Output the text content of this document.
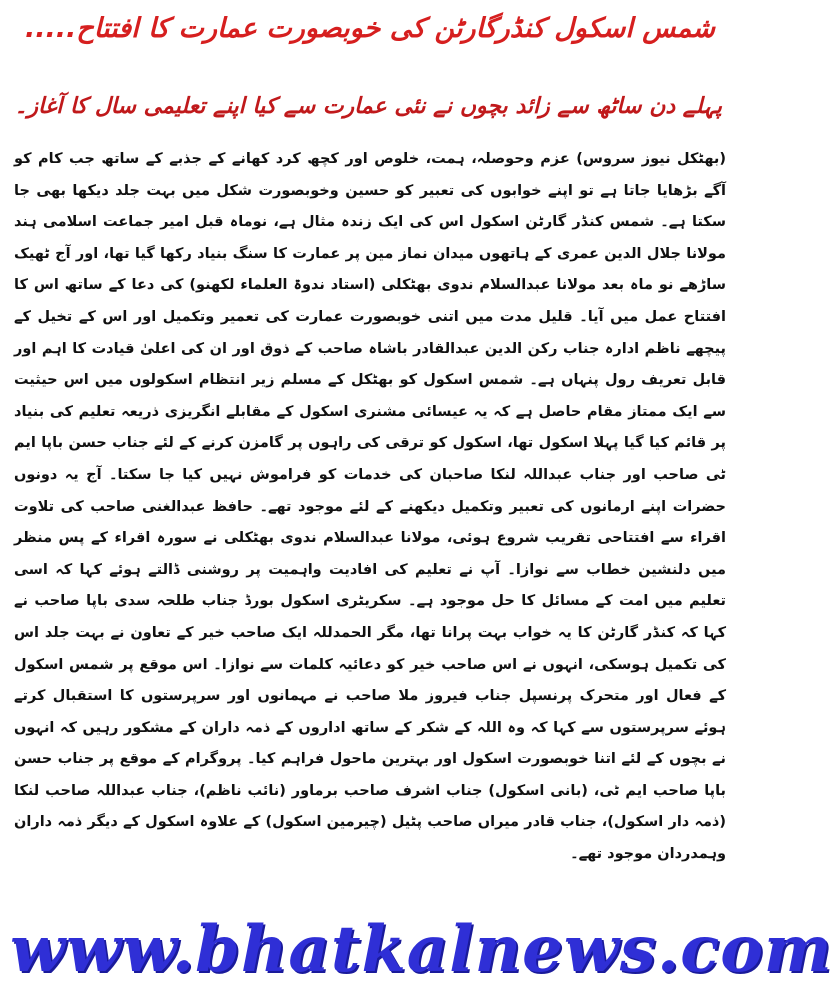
شمس اسکول کنڈرگارٹن کی خوبصورت عمارت کا افتتاح.....
پہلے دن ساٹھ سے زائد بچوں نے نئی عمارت سے کیا اپنے تعلیمی سال کا آغاز۔

(بھٹکل نیوز سروس) عزم وحوصلہ، ہمت، خلوص اور کچھ کرد کھانے کے جذبے کے ساتھ جب کام کو آگے بڑھایا جاتا ہے تو اپنے خوابوں کی تعبیر کو حسین وخوبصورت شکل میں بہت جلد دیکھا بھی جا سکتا ہے۔ شمس کنڈر گارٹن اسکول اس کی ایک زندہ مثال ہے، نوماہ قبل امیر جماعت اسلامی ہند مولانا جلال الدین عمری کے ہاتھوں میدان نماز مین پر عمارت کا سنگ بنیاد رکھا گیا تھا، اور آج ٹھیک ساڑھے نو ماہ بعد مولانا عبدالسلام ندوی بھٹکلی (استاد ندوۃ العلماء لکھنو) کی دعا کے ساتھ اس کا افتتاح عمل میں آیا۔ قلیل مدت میں اتنی خوبصورت عمارت کی تعمیر وتکمیل اور اس کے تخیل کے پیچھے ناظم ادارہ جناب رکن الدین عبدالقادر باشاہ صاحب کے ذوق اور ان کی اعلیٰ قیادت کا اہم اور قابل تعریف رول پنہاں ہے۔ شمس اسکول کو بھٹکل کے مسلم زیر انتظام اسکولوں میں اس حیثیت سے ایک ممتاز مقام حاصل ہے کہ یہ عیسائی مشنری اسکول کے مقابلے انگریزی ذریعہ تعلیم کی بنیاد پر قائم کیا گیا پہلا اسکول تھا، اسکول کو ترقی کی راہوں پر گامزن کرنے کے لئے جناب حسن باپا ایم ٹی صاحب اور جناب عبداللہ لنکا صاحبان کی خدمات کو فراموش نہیں کیا جا سکتا۔ آج یہ دونوں حضرات اپنے ارمانوں کی تعبیر وتکمیل دیکھنے کے لئے موجود تھے۔ حافظ عبدالغنی صاحب کی تلاوت اقراء سے افتتاحی تقریب شروع ہوئی، مولانا عبدالسلام ندوی بھٹکلی نے سورہ اقراء کے پس منظر میں دلنشین خطاب سے نوازا۔ آپ نے تعلیم کی افادیت واہمیت پر روشنی ڈالتے ہوئے کہا کہ اسی تعلیم میں امت کے مسائل کا حل موجود ہے۔ سکریٹری اسکول بورڈ جناب طلحہ سدی باپا صاحب نے کہا کہ کنڈر گارٹن کا یہ خواب بہت پرانا تھا، مگر الحمدللہ ایک صاحب خیر کے تعاون نے بہت جلد اس کی تکمیل ہوسکی، انہوں نے اس صاحب خیر کو دعائیہ کلمات سے نوازا۔ اس موقع پر شمس اسکول کے فعال اور متحرک پرنسپل جناب فیروز ملا صاحب نے مہمانوں اور سرپرستوں کا استقبال کرتے ہوئے سرپرستوں سے کہا کہ وہ اللہ کے شکر کے ساتھ اداروں کے ذمہ داران کے مشکور رہیں کہ انہوں نے بچوں کے لئے اتنا خوبصورت اسکول اور بہترین ماحول فراہم کیا۔ پروگرام کے موقع پر جناب حسن باپا صاحب ایم ٹی، (بانی اسکول) جناب اشرف صاحب برماور (نائب ناظم)، جناب عبداللہ صاحب لنکا (ذمہ دار اسکول)، جناب قادر میراں صاحب پٹیل (چیرمین اسکول) کے علاوہ اسکول کے دیگر ذمہ داران وہمدردان موجود تھے۔

www.bhatkalnews.com
